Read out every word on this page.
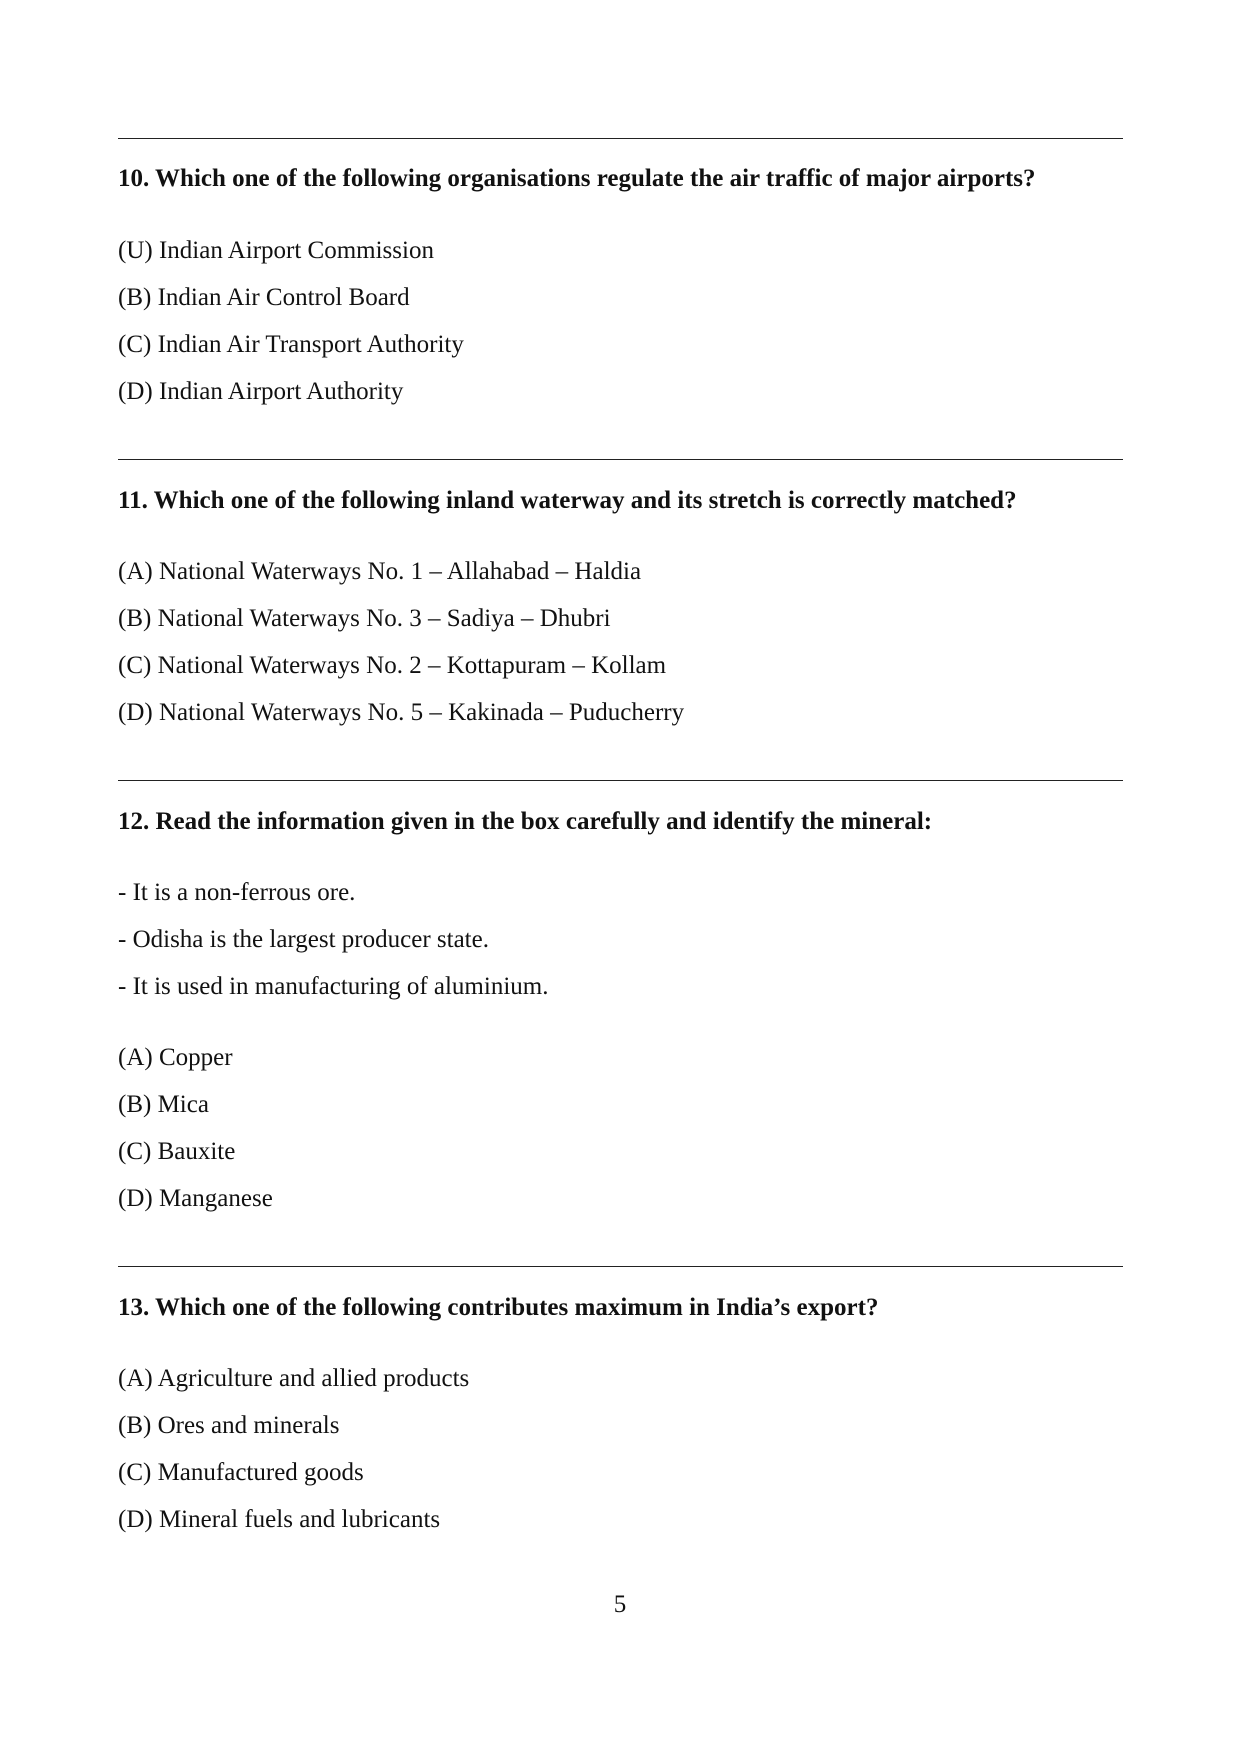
10. Which one of the following organisations regulate the air traffic of major airports?
(U) Indian Airport Commission
(B) Indian Air Control Board
(C) Indian Air Transport Authority
(D) Indian Airport Authority
11. Which one of the following inland waterway and its stretch is correctly matched?
(A) National Waterways No. 1 – Allahabad – Haldia
(B) National Waterways No. 3 – Sadiya – Dhubri
(C) National Waterways No. 2 – Kottapuram – Kollam
(D) National Waterways No. 5 – Kakinada – Puducherry
12. Read the information given in the box carefully and identify the mineral:
- It is a non-ferrous ore.
- Odisha is the largest producer state.
- It is used in manufacturing of aluminium.
(A) Copper
(B) Mica
(C) Bauxite
(D) Manganese
13. Which one of the following contributes maximum in India’s export?
(A) Agriculture and allied products
(B) Ores and minerals
(C) Manufactured goods
(D) Mineral fuels and lubricants
5
